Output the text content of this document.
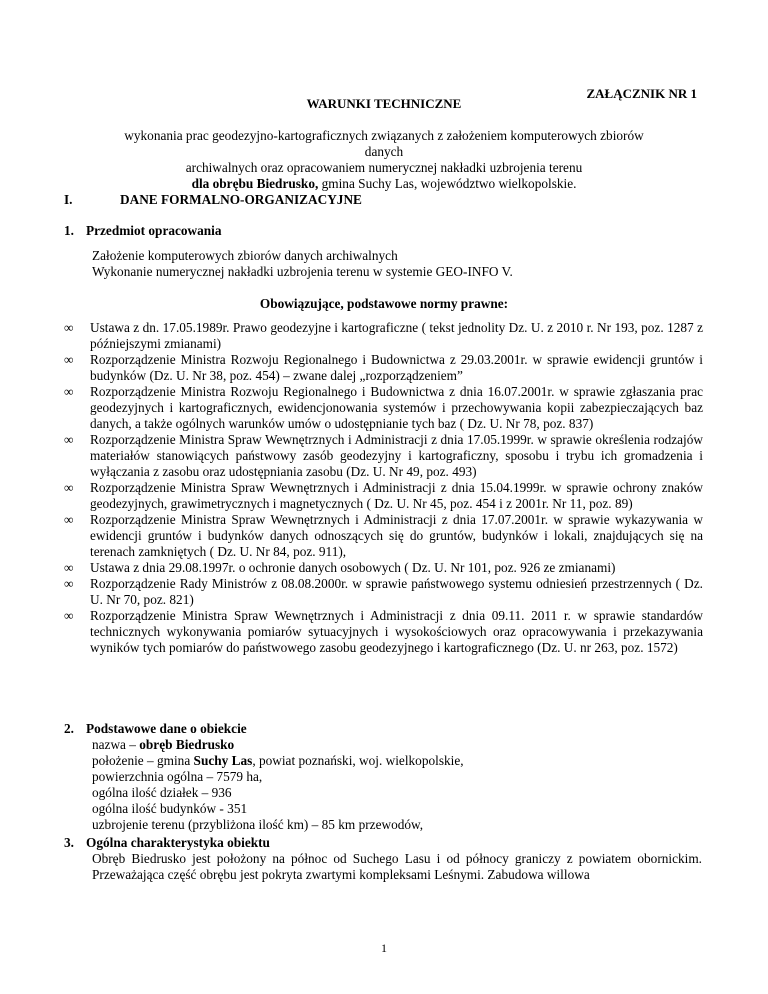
ZAŁĄCZNIK NR 1
WARUNKI TECHNICZNE
wykonania prac geodezyjno-kartograficznych związanych z założeniem komputerowych zbiorów danych
archiwalnych oraz opracowaniem numerycznej nakładki uzbrojenia terenu
dla obrębu Biedrusko, gmina Suchy Las, województwo wielkopolskie.
I.	DANE FORMALNO-ORGANIZACYJNE
1. Przedmiot opracowania
Założenie komputerowych zbiorów danych archiwalnych
Wykonanie numerycznej nakładki uzbrojenia terenu w systemie GEO-INFO V.
Obowiązujące, podstawowe normy prawne:
∞	Ustawa z dn. 17.05.1989r. Prawo geodezyjne i kartograficzne ( tekst jednolity Dz. U. z 2010 r. Nr 193, poz. 1287 z późniejszymi zmianami)
∞	Rozporządzenie Ministra Rozwoju Regionalnego i Budownictwa z 29.03.2001r. w sprawie ewidencji gruntów i budynków (Dz. U. Nr 38, poz. 454) – zwane dalej „rozporządzeniem”
∞	Rozporządzenie Ministra Rozwoju Regionalnego i Budownictwa z dnia 16.07.2001r. w sprawie zgłaszania prac geodezyjnych i kartograficznych, ewidencjonowania systemów i przechowywania kopii zabezpieczających baz danych, a także ogólnych warunków umów o udostępnianie tych baz ( Dz. U. Nr 78, poz. 837)
∞	Rozporządzenie Ministra Spraw Wewnętrznych i Administracji z dnia 17.05.1999r. w sprawie określenia rodzajów materiałów stanowiących państwowy zasób geodezyjny i kartograficzny, sposobu i trybu ich gromadzenia i wyłączania z zasobu oraz udostępniania zasobu (Dz. U. Nr 49, poz. 493)
∞	Rozporządzenie Ministra Spraw Wewnętrznych i Administracji z dnia 15.04.1999r. w sprawie ochrony znaków geodezyjnych, grawimetrycznych i magnetycznych ( Dz. U. Nr 45, poz. 454 i z 2001r. Nr 11, poz. 89)
∞	Rozporządzenie Ministra Spraw Wewnętrznych i Administracji z dnia 17.07.2001r. w sprawie wykazywania w ewidencji gruntów i budynków danych odnoszących się do gruntów, budynków i lokali, znajdujących się na terenach zamkniętych ( Dz. U. Nr 84, poz. 911),
∞	Ustawa z dnia 29.08.1997r. o ochronie danych osobowych ( Dz. U. Nr 101, poz. 926 ze zmianami)
∞	Rozporządzenie Rady Ministrów z 08.08.2000r. w sprawie państwowego systemu odniesień przestrzennych ( Dz. U. Nr 70, poz. 821)
∞	Rozporządzenie Ministra Spraw Wewnętrznych i Administracji z dnia 09.11. 2011 r. w sprawie standardów technicznych wykonywania pomiarów sytuacyjnych i wysokościowych oraz opracowywania i przekazywania wyników tych pomiarów do państwowego zasobu geodezyjnego i kartograficznego (Dz. U. nr 263, poz. 1572)
2. Podstawowe dane o obiekcie
nazwa – obręb Biedrusko
położenie – gmina Suchy Las, powiat poznański, woj. wielkopolskie,
powierzchnia ogólna – 7579 ha,
ogólna ilość działek – 936
ogólna ilość budynków - 351
uzbrojenie terenu (przybliżona ilość km) – 85 km przewodów,
3. Ogólna charakterystyka obiektu
Obręb Biedrusko jest położony na północ od Suchego Lasu i od północy graniczy z powiatem obornickim. Przeważająca część obrębu jest pokryta zwartymi kompleksami Leśnymi. Zabudowa willowa
1
